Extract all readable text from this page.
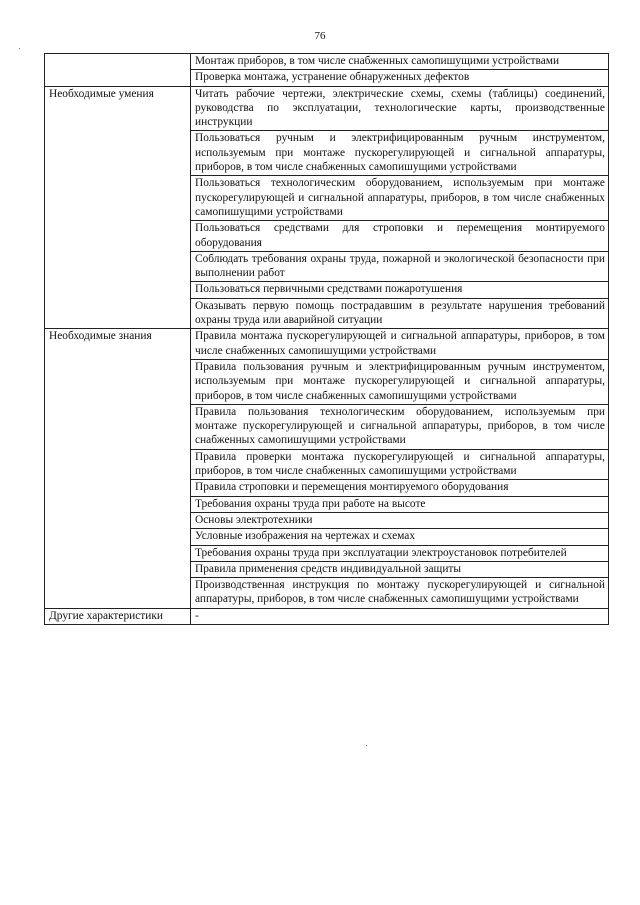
76
	Монтаж приборов, в том числе снабженных самопишущими устройствами
	Проверка монтажа, устранение обнаруженных дефектов
Необходимые умения	Читать рабочие чертежи, электрические схемы, схемы (таблицы) соединений, руководства по эксплуатации, технологические карты, производственные инструкции
	Пользоваться ручным и электрифицированным ручным инструментом, используемым при монтаже пускорегулирующей и сигнальной аппаратуры, приборов, в том числе снабженных самопишущими устройствами
	Пользоваться технологическим оборудованием, используемым при монтаже пускорегулирующей и сигнальной аппаратуры, приборов, в том числе снабженных самопишущими устройствами
	Пользоваться средствами для строповки и перемещения монтируемого оборудования
	Соблюдать требования охраны труда, пожарной и экологической безопасности при выполнении работ
	Пользоваться первичными средствами пожаротушения
	Оказывать первую помощь пострадавшим в результате нарушения требований охраны труда или аварийной ситуации
Необходимые знания	Правила монтажа пускорегулирующей и сигнальной аппаратуры, приборов, в том числе снабженных самопишущими устройствами
	Правила пользования ручным и электрифицированным ручным инструментом, используемым при монтаже пускорегулирующей и сигнальной аппаратуры, приборов, в том числе снабженных самопишущими устройствами
	Правила пользования технологическим оборудованием, используемым при монтаже пускорегулирующей и сигнальной аппаратуры, приборов, в том числе снабженных самопишущими устройствами
	Правила проверки монтажа пускорегулирующей и сигнальной аппаратуры, приборов, в том числе снабженных самопишущими устройствами
	Правила строповки и перемещения монтируемого оборудования
	Требования охраны труда при работе на высоте
	Основы электротехники
	Условные изображения на чертежах и схемах
	Требования охраны труда при эксплуатации электроустановок потребителей
	Правила применения средств индивидуальной защиты
	Производственная инструкция по монтажу пускорегулирующей и сигнальной аппаратуры, приборов, в том числе снабженных самопишущими устройствами
Другие характеристики	-
